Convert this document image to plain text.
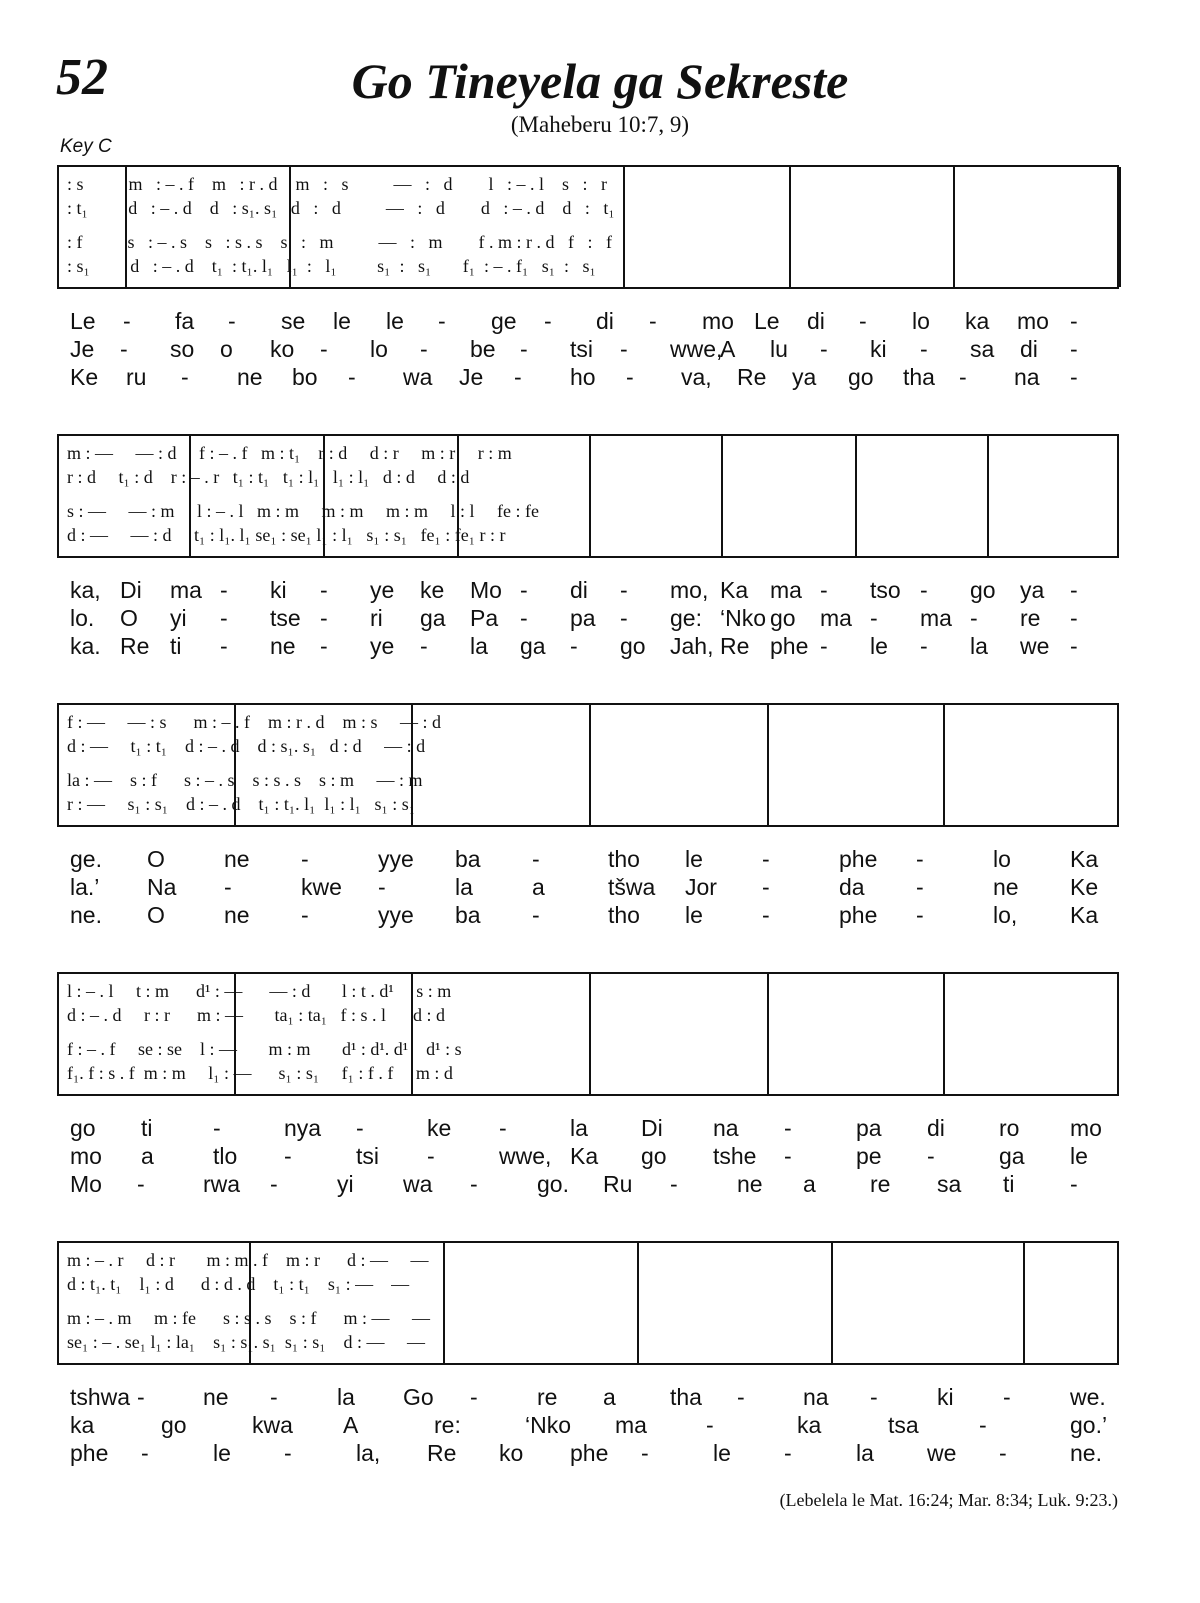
52	Go Tineyela ga Sekreste
(Maheberu 10:7, 9)
Key C
: s          m   : – . f    m   : r . d    m   :   s          —   :   d        l   : – . l    s   :   r
: t₁         d   : – . d    d   : s₁. s₁   d   :   d          —   :   d        d   : – . d    d   :   t₁
: f          s   : – . s    s   : s . s    s   :   m          —   :   m        f . m : r . d   f   :   f
: s₁         d   : – . d    t₁  : t₁. l₁   l₁  :   l₁         s₁  :   s₁       f₁  : – . f₁   s₁  :   s₁
Le - fa - se le le - ge - di - mo Le di - lo ka mo -
Je - so o ko - lo - be - tsi - wwe,
A lu - ki - sa di -
Ke ru - ne bo - wa Je - ho - va, Re ya go tha - na -
m : —     — : d     f : – . f   m : t₁    r : d     d : r     m : r     r : m
r : d     t₁ : d    r : – . r   t₁ : t₁   t₁ : l₁   l₁ : l₁   d : d     d : d
s : —     — : m     l : – . l   m : m     m : m     m : m     l : l     fe : fe
d : —     — : d     t₁ : l₁. l₁ se₁ : se₁ l₁ : l₁   s₁ : s₁   fe₁ : fe₁ r : r
ka, Di ma - ki - ye ke Mo - di - mo, Ka ma - tso - go ya -
lo. O yi - tse - ri ga Pa - pa - ge: ‘Nko go ma - ma - re -
ka. Re ti - ne - ye - la ga - go Jah, Re phe - le - la we -
f : —     — : s      m : – . f    m : r . d    m : s     — : d
d : —     t₁ : t₁    d : – . d    d : s₁. s₁   d : d     — : d
la : —    s : f      s : – . s    s : s . s    s : m     — : m
r : —     s₁ : s₁    d : – . d    t₁ : t₁. l₁  l₁ : l₁   s₁ : s₁
ge. O	ne -	yye ba -	tho le	-	phe -	lo	Ka
la.’ Na -	kwe -	la	a	tšwa Jor -	da -	ne Ke
ne. O	ne -	yye ba -	tho le	-	phe -	lo, Ka
l : – . l     t : m      d¹ : —      — : d       l : t . d¹     s : m
d : – . d     r : r      m : —       ta₁ : ta₁   f : s . l      d : d
f : – . f     se : se    l : —       m : m       d¹ : d¹. d¹    d¹ : s
f₁. f : s . f  m : m     l₁ : —      s₁ : s₁     f₁ : f . f     m : d
go ti	-	nya -	ke -	la Di na -	pa di ro mo
mo a	tlo -	tsi -	wwe, Ka go tshe -	pe -	ga le
Mo -	rwa -	yi wa -	go. Ru -	ne a re sa ti -
m : – . r     d : r       m : m . f    m : r      d : —     —
d : t₁. t₁    l₁ : d      d : d . d    t₁ : t₁    s₁ : —    —
m : – . m     m : fe      s : s . s    s : f      m : —     —
se₁ : – . se₁ l₁ : la₁    s₁ : s₁. s₁  s₁ : s₁    d : —     —
tshwa -	ne -	la Go -	re a tha -	na -	ki -	we.
ka	go	kwa A	re:	‘Nko ma	-	ka	tsa	-	go.’
phe -	le -	la, Re ko phe -	le -	la we -	ne.
(Lebelela le Mat. 16:24; Mar. 8:34; Luk. 9:23.)
